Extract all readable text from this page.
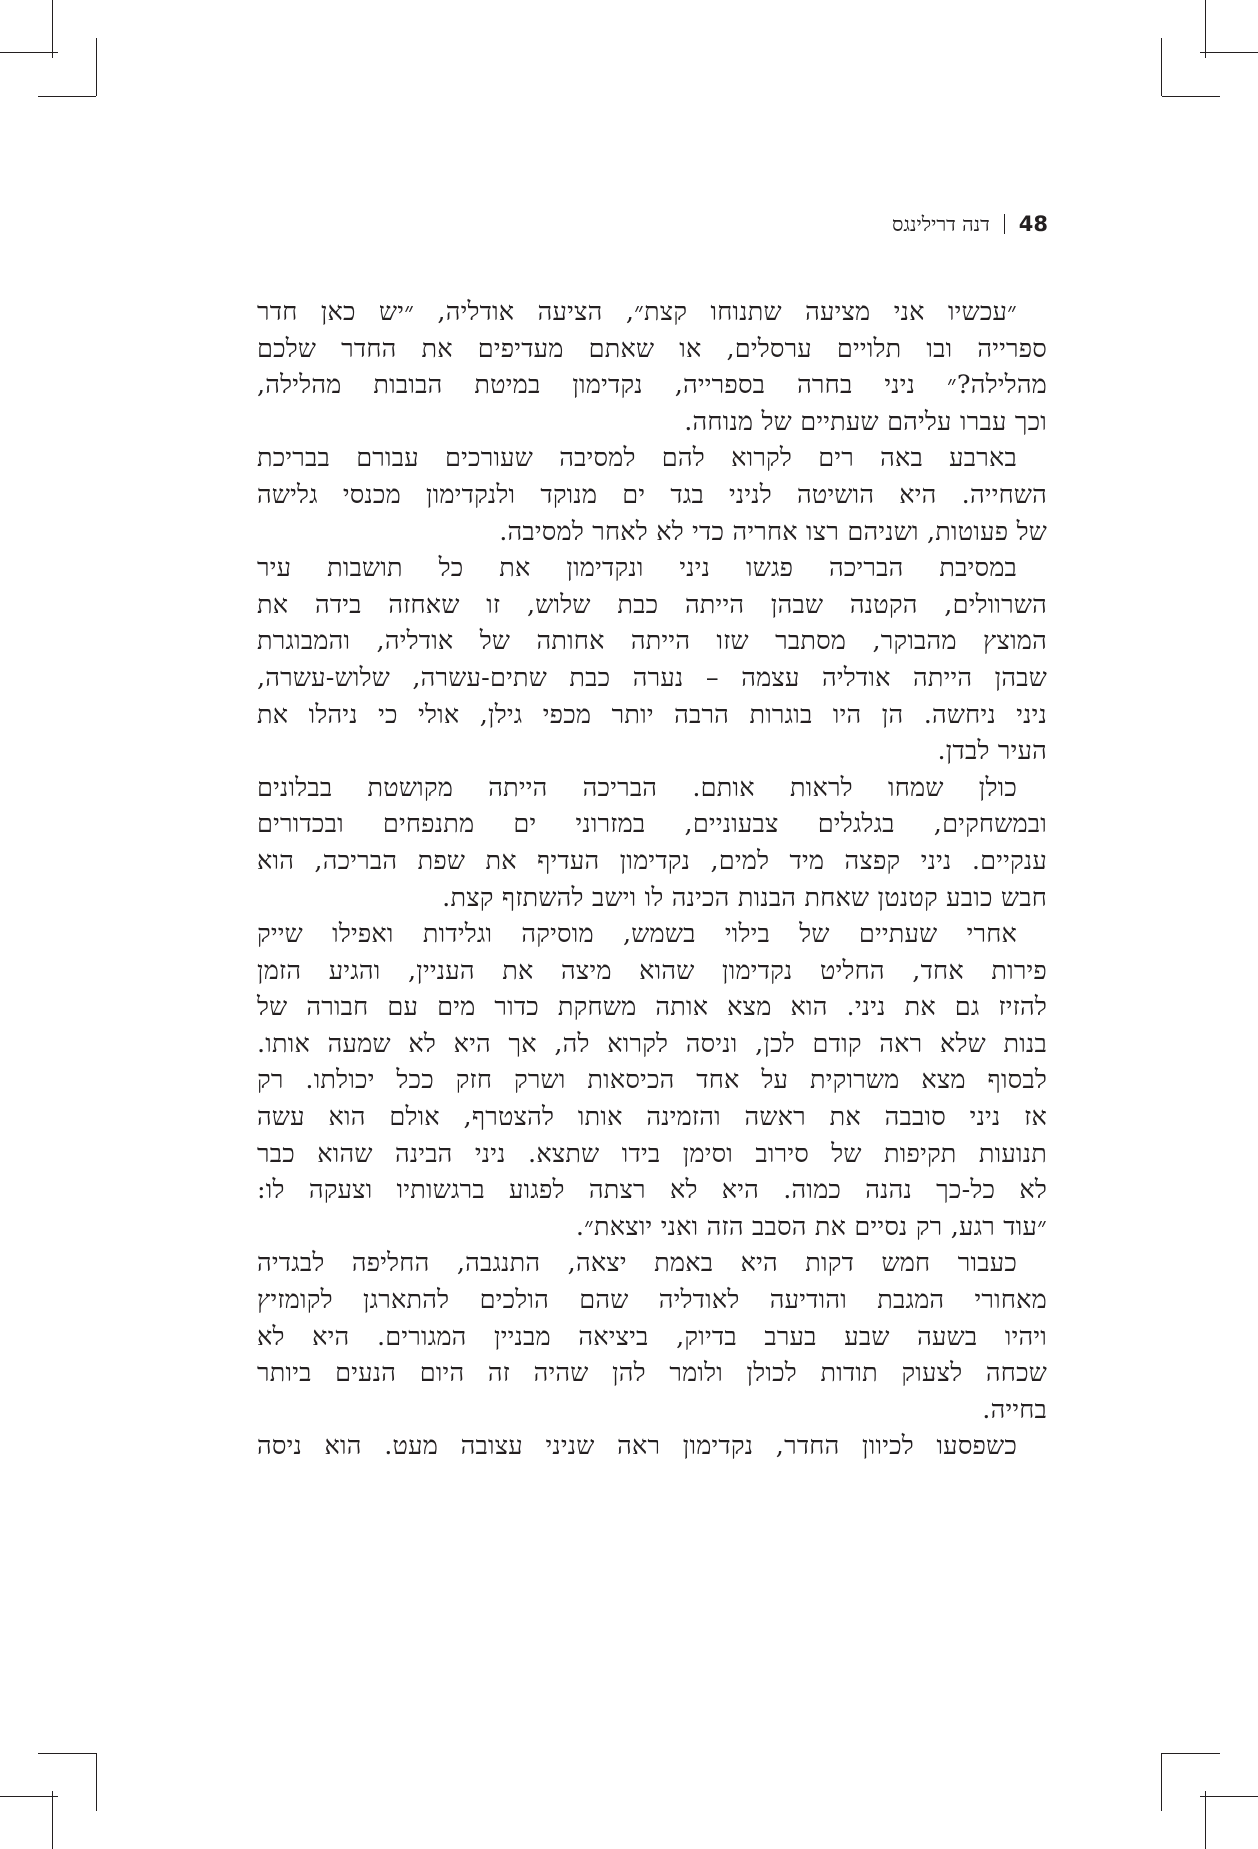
48
דנה דרילינגס

״עכשיו אני מציעה שתנוחו קצת״, הציעה אודליה, ״יש כאן חדר
ספרייה ובו תלויים ערסלים, או שאתם מעדיפים את החדר שלכם
מהלילה?״ ניני בחרה בספרייה, נקדימון במיטת הבובות מהלילה,
וכך עברו עליהם שעתיים של מנוחה.

בארבע באה רים לקרוא להם למסיבה שעורכים עבורם בבריכת
השחייה. היא הושיטה לניני בגד ים מנוקד ולנקדימון מכנסי גלישה
של פעוטות, ושניהם רצו אחריה כדי לא לאחר למסיבה.

במסיבת הבריכה פגשו ניני ונקדימון את כל תושבות עיר
השרוולים, הקטנה שבהן הייתה כבת שלוש, זו שאחזה בידה את
המוצץ מהבוקר, מסתבר שזו הייתה אחותה של אודליה, והמבוגרת
שבהן הייתה אודליה עצמה – נערה כבת שתים-עשרה, שלוש-עשרה,
ניני ניחשה. הן היו בוגרות הרבה יותר מכפי גילן, אולי כי ניהלו את
העיר לבדן.

כולן שמחו לראות אותם. הבריכה הייתה מקושטת בבלונים
ובמשחקים, בגלגלים צבעוניים, במזרוני ים מתנפחים ובכדורים
ענקיים. ניני קפצה מיד למים, נקדימון העדיף את שפת הבריכה, הוא
חבש כובע קטנטן שאחת הבנות הכינה לו וישב להשתזף קצת.

אחרי שעתיים של בילוי בשמש, מוסיקה וגלידות ואפילו שייק
פירות אחד, החליט נקדימון שהוא מיצה את העניין, והגיע הזמן
להזיז גם את ניני. הוא מצא אותה משחקת כדור מים עם חבורה של
בנות שלא ראה קודם לכן, וניסה לקרוא לה, אך היא לא שמעה אותו.
לבסוף מצא משרוקית על אחד הכיסאות ושרק חזק ככל יכולתו. רק
אז ניני סובבה את ראשה והזמינה אותו להצטרף, אולם הוא עשה
תנועות תקיפות של סירוב וסימן בידו שתצא. ניני הבינה שהוא כבר
לא כל-כך נהנה כמוה. היא לא רצתה לפגוע ברגשותיו וצעקה לו:
״עוד רגע, רק נסיים את הסבב הזה ואני יוצאת״.

כעבור חמש דקות היא באמת יצאה, התנגבה, החליפה לבגדיה
מאחורי המגבת והודיעה לאודליה שהם הולכים להתארגן לקומזיץ
ויהיו בשעה שבע בערב בדיוק, ביציאה מבניין המגורים. היא לא
שכחה לצעוק תודות לכולן ולומר להן שהיה זה היום הנעים ביותר
בחייה.

כשפסעו לכיוון החדר, נקדימון ראה שניני עצובה מעט. הוא ניסה
